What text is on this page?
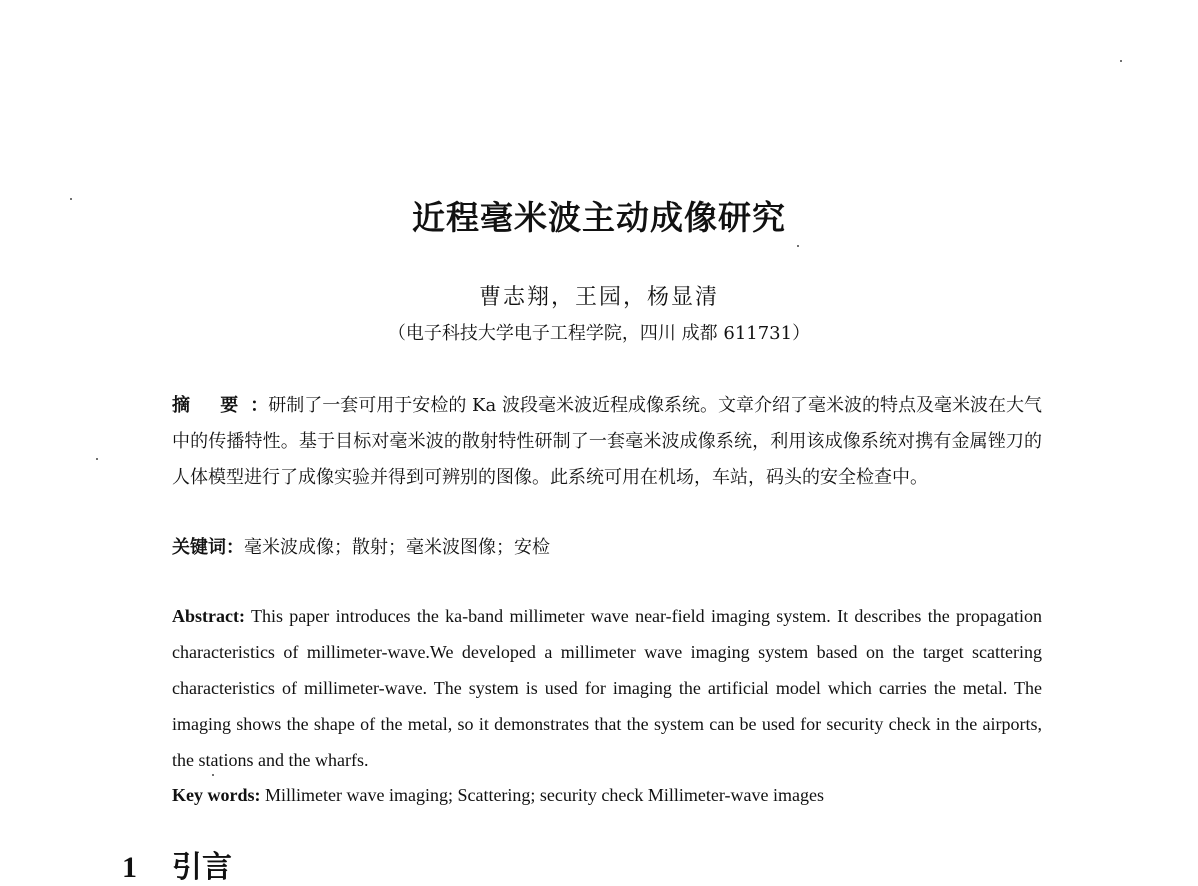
近程毫米波主动成像研究

曹志翔，王园，杨显清

（电子科技大学电子工程学院，四川 成都 611731）

摘 要：研制了一套可用于安检的 Ka 波段毫米波近程成像系统。文章介绍了毫米波的特点及毫米波在大气中的传播特性。基于目标对毫米波的散射特性研制了一套毫米波成像系统，利用该成像系统对携有金属锉刀的人体模型进行了成像实验并得到可辨别的图像。此系统可用在机场，车站，码头的安全检查中。

关键词：毫米波成像；散射；毫米波图像；安检

Abstract: This paper introduces the ka-band millimeter wave near-field imaging system. It describes the propagation characteristics of millimeter-wave.We developed a millimeter wave imaging system based on the target scattering characteristics of millimeter-wave. The system is used for imaging the artificial model which carries the metal. The imaging shows the shape of the metal, so it demonstrates that the system can be used for security check in the airports, the stations and the wharfs.

Key words: Millimeter wave imaging; Scattering; security check Millimeter-wave images

1 引言
